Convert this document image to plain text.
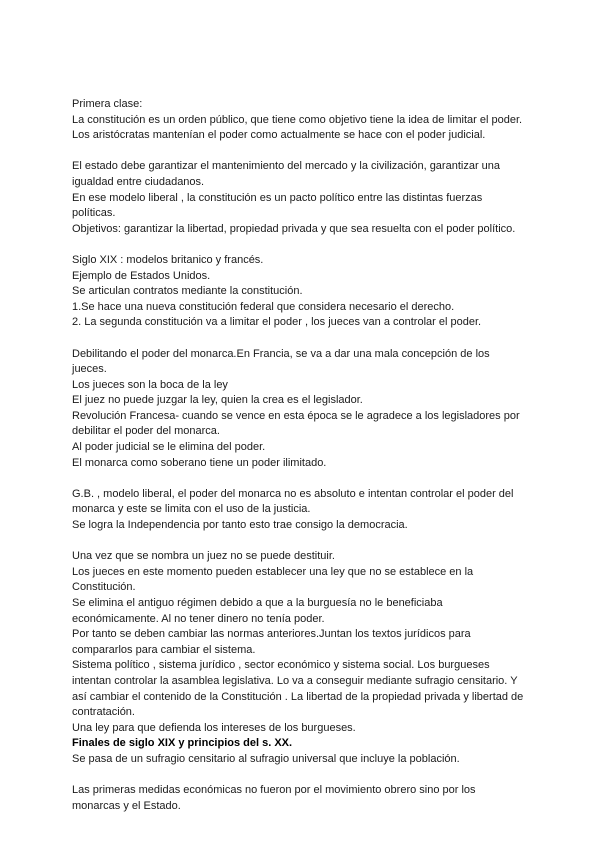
Primera clase:
La constitución es un orden público, que tiene como objetivo tiene la idea de limitar el poder.
Los aristócratas mantenían el poder como actualmente se hace con el poder judicial.
El estado debe garantizar el mantenimiento del mercado y la civilización, garantizar una
igualdad entre ciudadanos.
En ese modelo liberal , la constitución es un pacto político entre las distintas fuerzas
políticas.
Objetivos: garantizar la libertad, propiedad privada y que sea resuelta con el poder político.
Siglo XIX : modelos britanico y francés.
Ejemplo de Estados Unidos.
Se articulan contratos mediante la constitución.
1.Se hace una nueva constitución federal que considera necesario el derecho.
2. La segunda constitución va a limitar el poder , los jueces van a controlar el poder.
Debilitando el poder del monarca.En Francia, se va a dar una mala concepción de los
jueces.
Los jueces son la boca de la ley
El juez no puede juzgar la ley, quien la crea es el legislador.
Revolución Francesa- cuando se vence en esta época se le agradece a los legisladores por
debilitar el poder del monarca.
Al poder judicial se le elimina del poder.
El monarca como soberano tiene un poder ilimitado.
G.B. , modelo liberal, el poder del monarca no es absoluto e intentan controlar el poder del
monarca y este se limita con el uso de la justicia.
Se logra la Independencia por tanto esto trae consigo la democracia.
Una vez que se nombra un juez no se puede destituir.
Los jueces en este momento pueden establecer una ley que no se establece en la
Constitución.
Se elimina el antiguo régimen debido a que a la burguesía no le beneficiaba
económicamente. Al no tener dinero no tenía poder.
Por tanto se deben cambiar las normas anteriores.Juntan los textos jurídicos para
compararlos para cambiar el sistema.
Sistema político , sistema jurídico , sector económico y sistema social. Los burgueses
intentan controlar la asamblea legislativa. Lo va a conseguir mediante sufragio censitario. Y
así cambiar el contenido de la Constitución . La libertad de la propiedad privada y libertad de
contratación.
Una ley para que defienda los intereses de los burgueses.
Finales de siglo XIX y principios del s. XX.
Se pasa de un sufragio censitario al sufragio universal que incluye la población.
Las primeras medidas económicas no fueron por el movimiento obrero sino por los
monarcas y el Estado.
